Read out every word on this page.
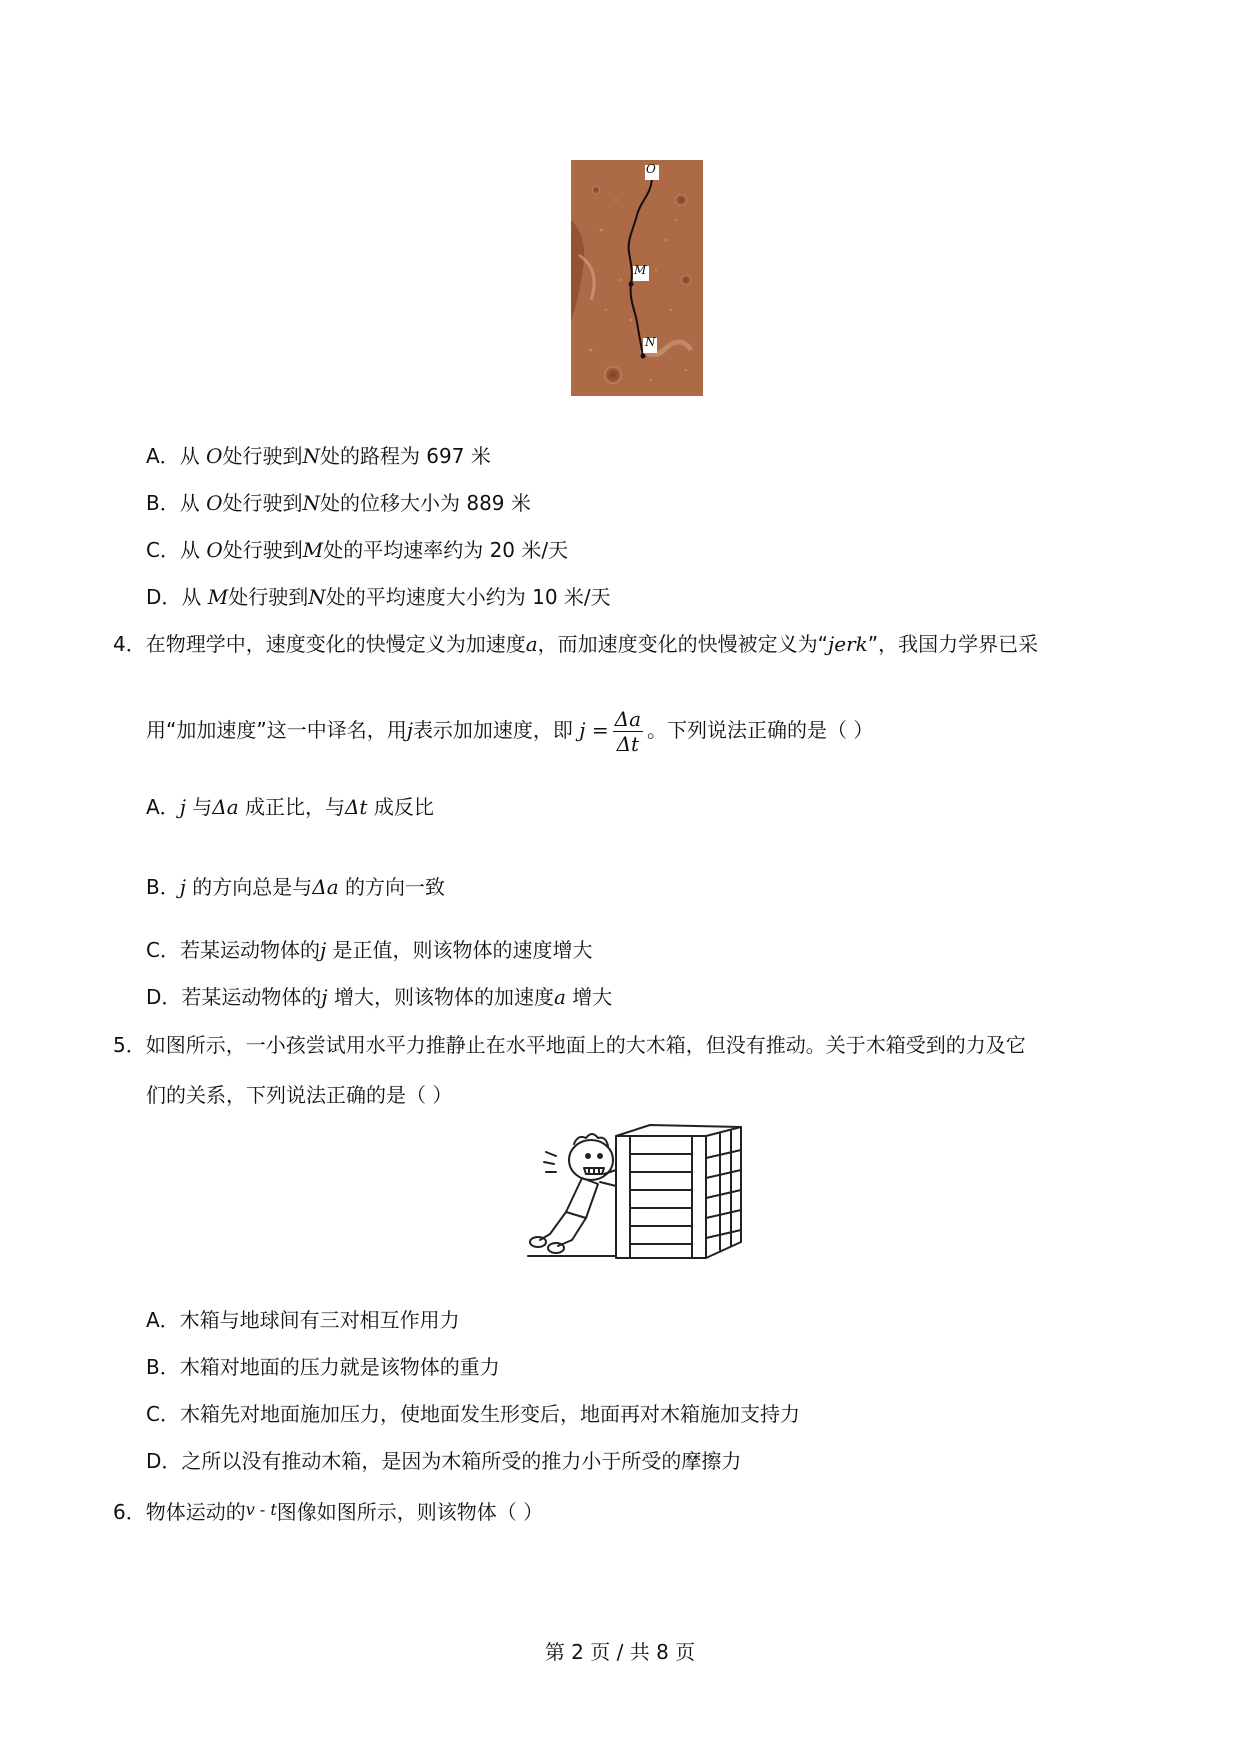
O
M
N
A．从 O处行驶到N处的路程为 697 米
B．从 O处行驶到N处的位移大小为 889 米
C．从 O处行驶到M处的平均速率约为 20 米/天
D．从 M处行驶到N处的平均速度大小约为 10 米/天
4．在物理学中，速度变化的快慢定义为加速度a，而加速度变化的快慢被定义为“jerk”，我国力学界已采
用“加加速度”这一中译名，用j表示加加速度，即 $j = \frac{\Delta a}{\Delta t}$ 。下列说法正确的是（ ）
A．j 与Δa 成正比，与Δt 成反比
B．j 的方向总是与Δa 的方向一致
C．若某运动物体的j 是正值，则该物体的速度增大
D．若某运动物体的j 增大，则该物体的加速度a 增大
5．如图所示，一小孩尝试用水平力推静止在水平地面上的大木箱，但没有推动。关于木箱受到的力及它
们的关系，下列说法正确的是（ ）
A．木箱与地球间有三对相互作用力
B．木箱对地面的压力就是该物体的重力
C．木箱先对地面施加压力，使地面发生形变后，地面再对木箱施加支持力
D．之所以没有推动木箱，是因为木箱所受的推力小于所受的摩擦力
6．物体运动的$^{v - t}$图像如图所示，则该物体（ ）
第 2 页 / 共 8 页
